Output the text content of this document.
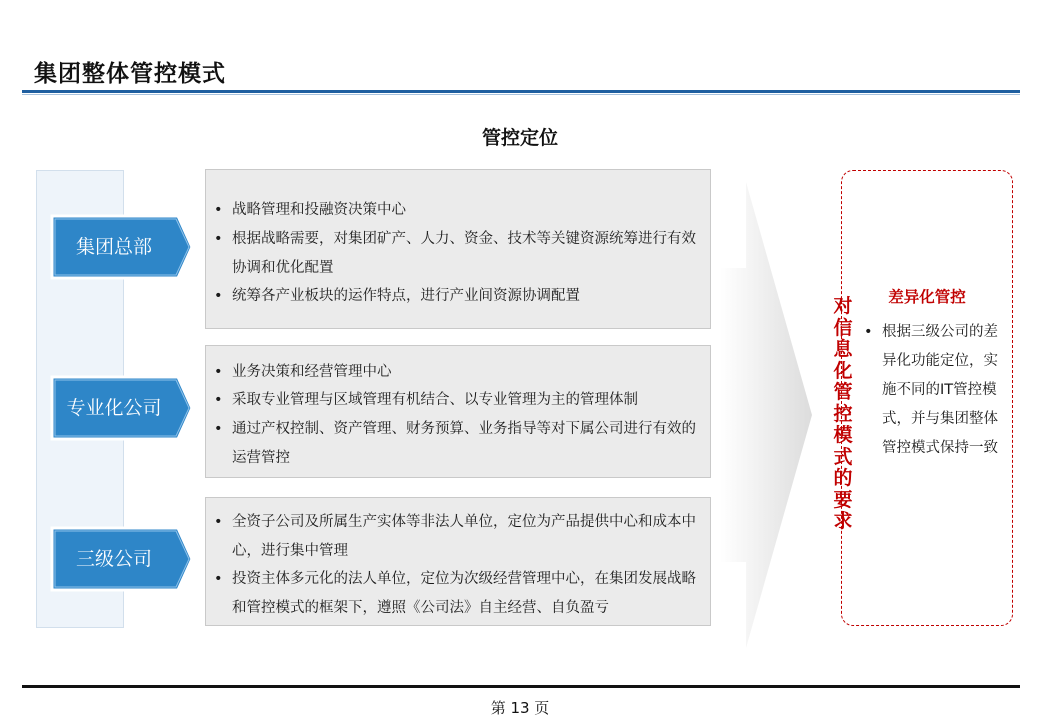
集团整体管控模式
管控定位
集团总部
专业化公司
三级公司
• 战略管理和投融资决策中心
• 根据战略需要，对集团矿产、人力、资金、技术等关键资源统筹进行有效协调和优化配置
• 统筹各产业板块的运作特点，进行产业间资源协调配置
• 业务决策和经营管理中心
• 采取专业管理与区域管理有机结合、以专业管理为主的管理体制
• 通过产权控制、资产管理、财务预算、业务指导等对下属公司进行有效的运营管控
• 全资子公司及所属生产实体等非法人单位，定位为产品提供中心和成本中心，进行集中管理
• 投资主体多元化的法人单位，定位为次级经营管理中心，在集团发展战略和管控模式的框架下，遵照《公司法》自主经营、自负盈亏
对
信
息
化
管
控
模
式
的
要
求
差异化管控
• 根据三级公司的差异化功能定位，实施不同的IT管控模式，并与集团整体管控模式保持一致
第 13 页
